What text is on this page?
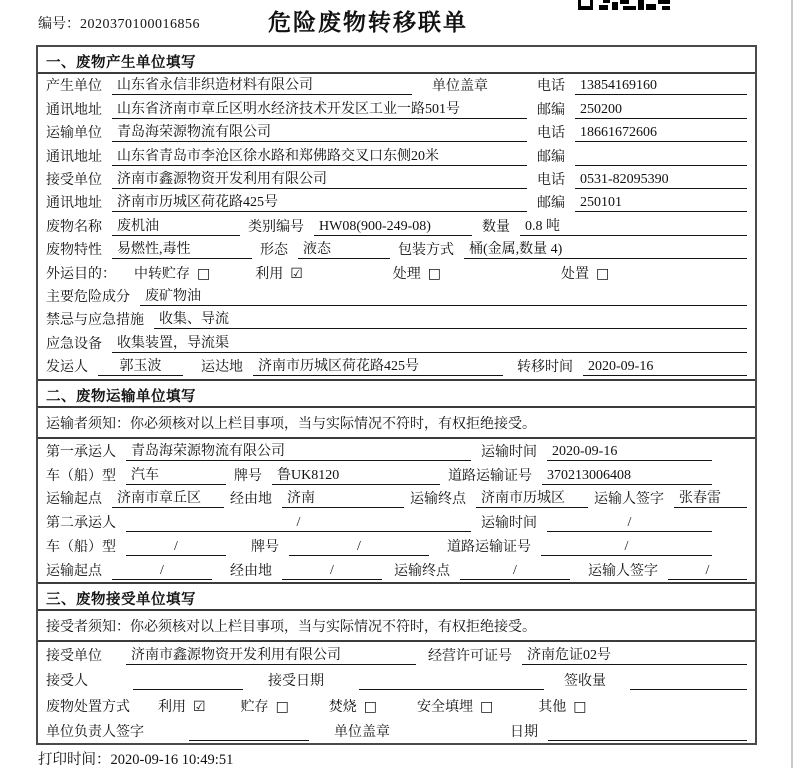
编号：2020370100016856	危险废物转移联单
一、废物产生单位填写
产生单位	山东省永信非织造材料有限公司	单位盖章	电话	13854169160
通讯地址	山东省济南市章丘区明水经济技术开发区工业一路501号	邮编	250200
运输单位	青岛海荣源物流有限公司	电话	18661672606
通讯地址	山东省青岛市李沧区徐水路和郑佛路交叉口东侧20米	邮编
接受单位	济南市鑫源物资开发利用有限公司	电话	0531-82095390
通讯地址	济南市历城区荷花路425号	邮编	250101
废物名称	废机油	类别编号	HW08(900-249-08)	数量	0.8 吨
废物特性	易燃性,毒性	形态	液态	包装方式	桶(金属,数量 4)
外运目的： 中转贮存 □	利用 ☑	处理 □	处置 □
主要危险成分	废矿物油
禁忌与应急措施	收集、导流
应急设备	收集装置，导流渠
发运人	郭玉波	运达地	济南市历城区荷花路425号	转移时间	2020-09-16
二、废物运输单位填写
运输者须知： 你必须核对以上栏目事项，当与实际情况不符时，有权拒绝接受。
第一承运人	青岛海荣源物流有限公司	运输时间	2020-09-16
车（船）型	汽车	牌号	鲁UK8120	道路运输证号	370213006408
运输起点	济南市章丘区	经由地	济南	运输终点	济南市历城区	运输人签字	张春雷
第二承运人	/	运输时间	/
车（船）型	/	牌号	/	道路运输证号	/
运输起点	/	经由地	/	运输终点	/	运输人签字	/
三、废物接受单位填写
接受者须知： 你必须核对以上栏目事项，当与实际情况不符时，有权拒绝接受。
接受单位	济南市鑫源物资开发利用有限公司	经营许可证号	济南危证02号
接受人	接受日期	签收量
废物处置方式 利用 ☑	贮存 □	焚烧 □	安全填埋 □	其他 □
单位负责人签字	单位盖章	日期
打印时间：2020-09-16 10:49:51
